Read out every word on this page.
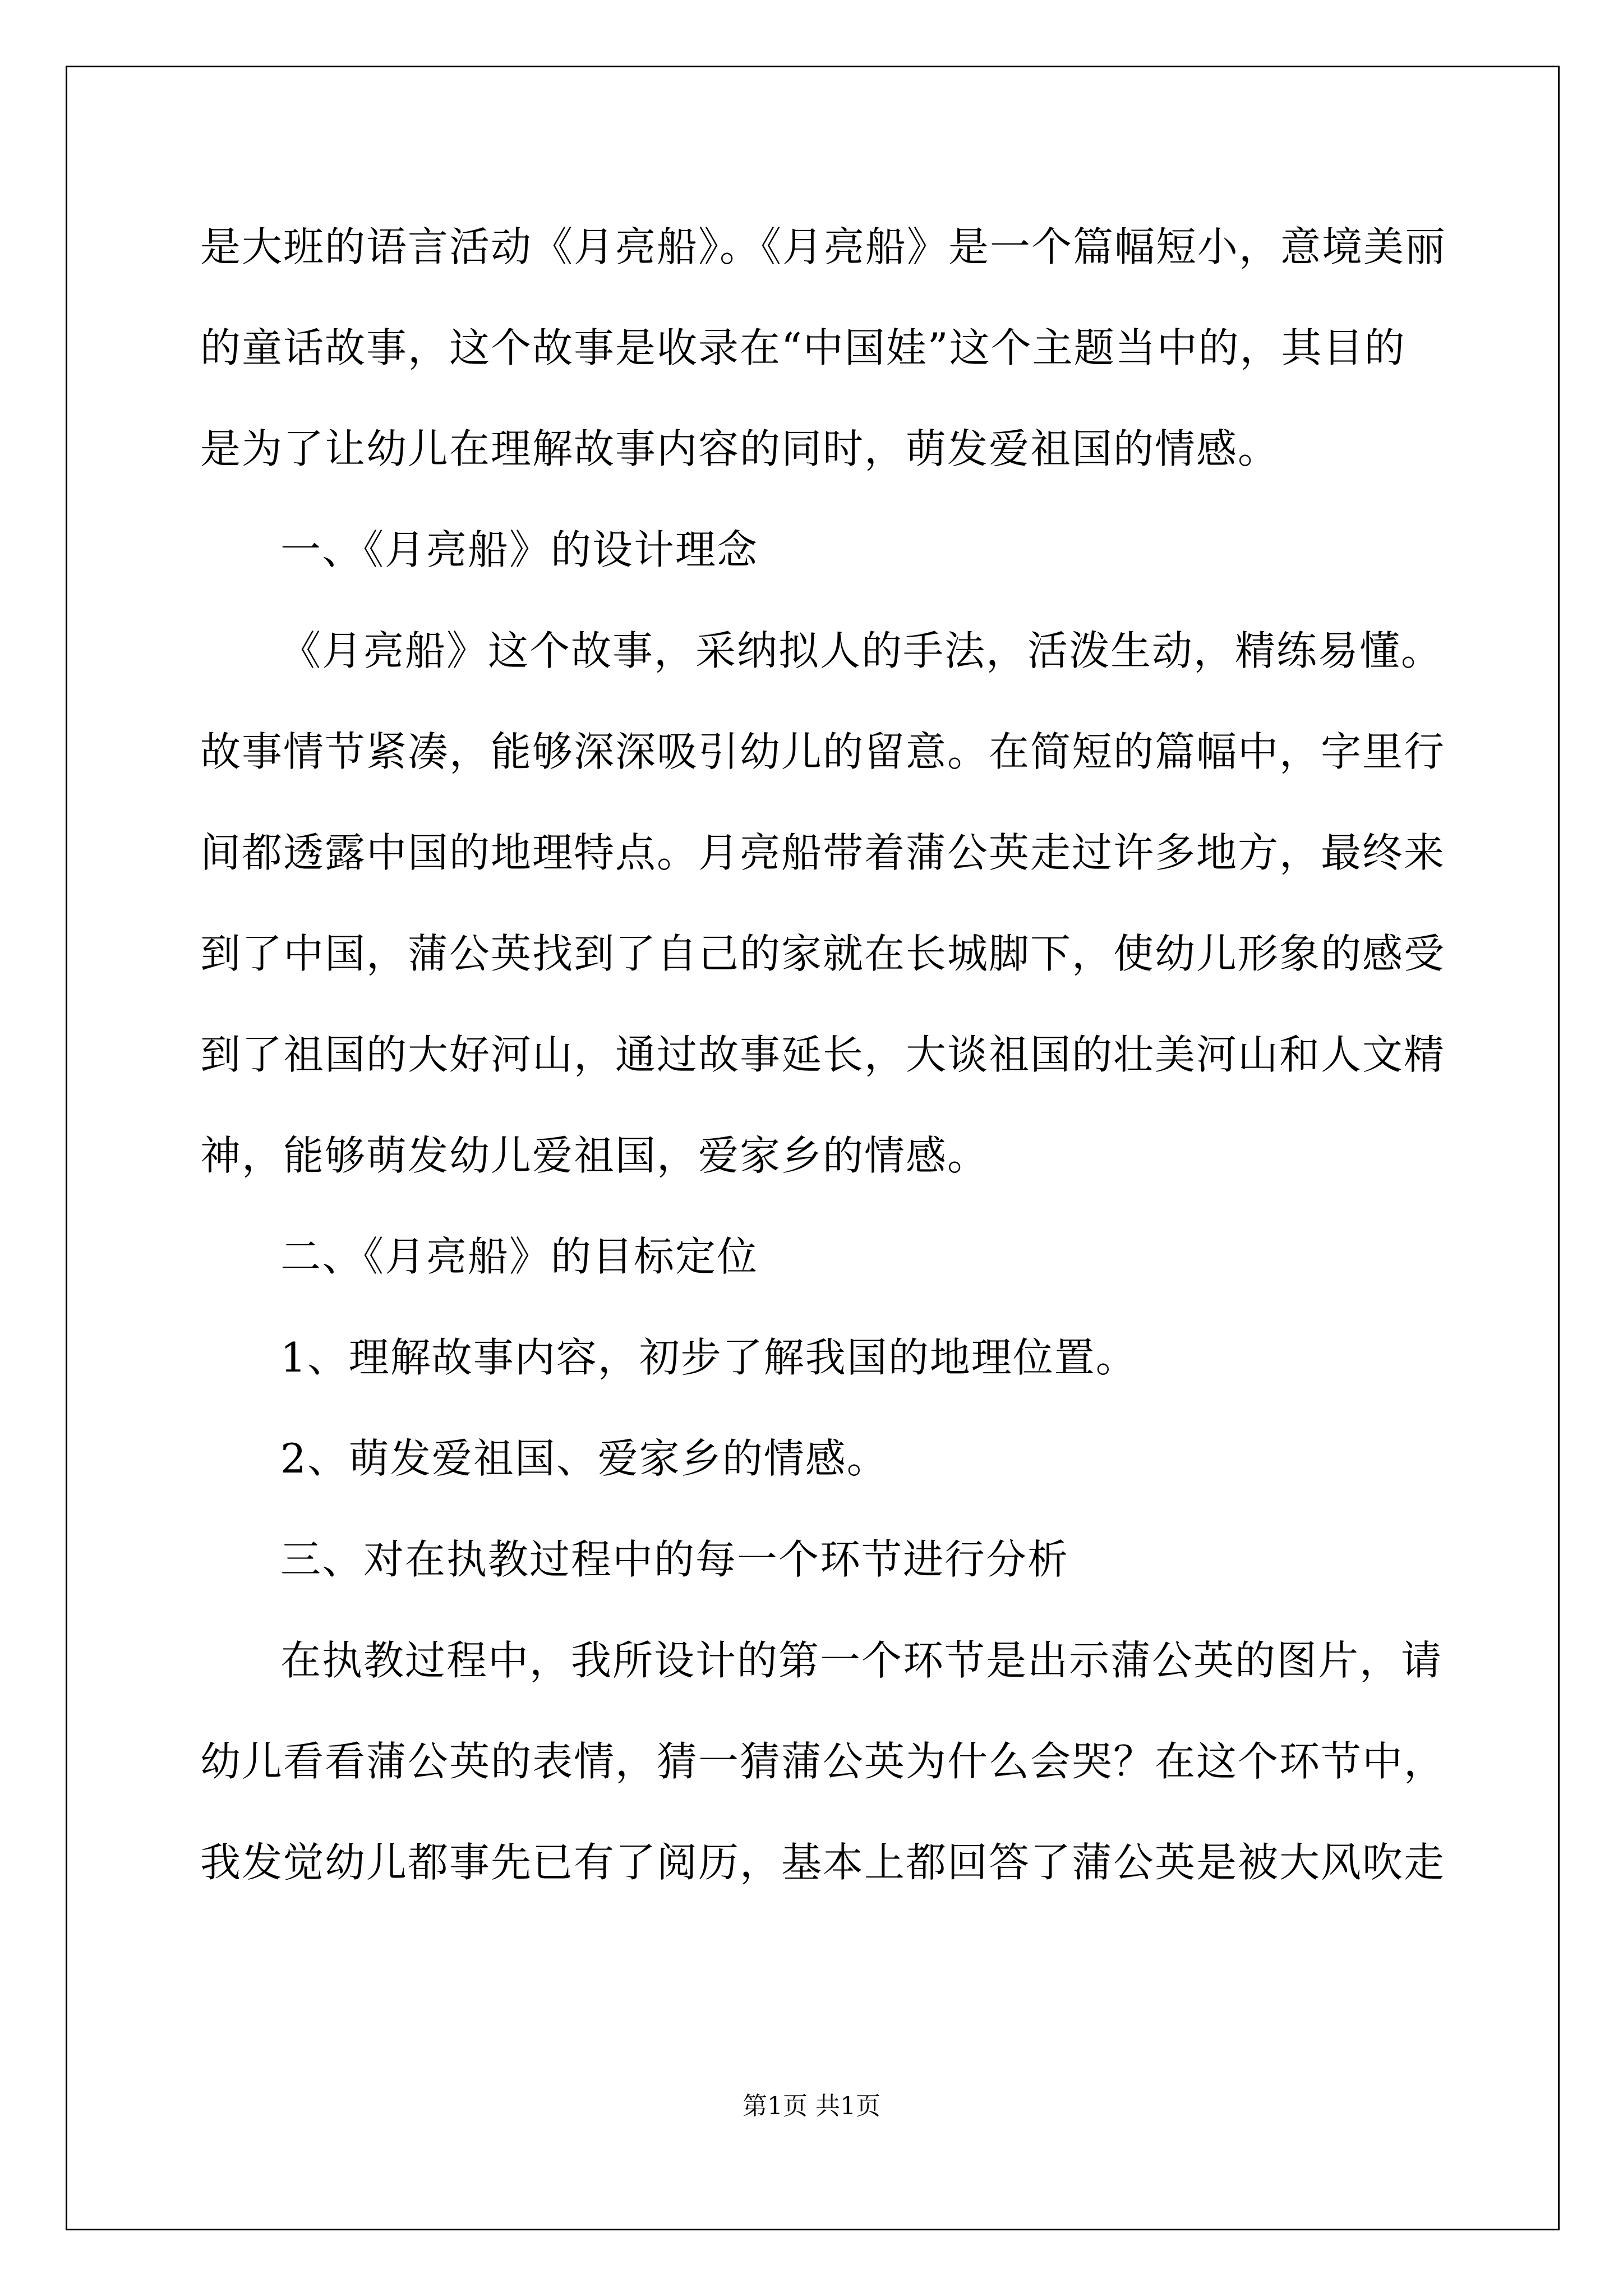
是大班的语言活动《月亮船》。《月亮船》是一个篇幅短小，意境美丽
的童话故事，这个故事是收录在“中国娃”这个主题当中的，其目的
是为了让幼儿在理解故事内容的同时，萌发爱祖国的情感。
一、《月亮船》的设计理念
《月亮船》这个故事，采纳拟人的手法，活泼生动，精练易懂。
故事情节紧凑，能够深深吸引幼儿的留意。在简短的篇幅中，字里行
间都透露中国的地理特点。月亮船带着蒲公英走过许多地方，最终来
到了中国，蒲公英找到了自己的家就在长城脚下，使幼儿形象的感受
到了祖国的大好河山，通过故事延长，大谈祖国的壮美河山和人文精
神，能够萌发幼儿爱祖国，爱家乡的情感。
二、《月亮船》的目标定位
1、理解故事内容，初步了解我国的地理位置。
2、萌发爱祖国、爱家乡的情感。
三、对在执教过程中的每一个环节进行分析
在执教过程中，我所设计的第一个环节是出示蒲公英的图片，请
幼儿看看蒲公英的表情，猜一猜蒲公英为什么会哭？在这个环节中，
我发觉幼儿都事先已有了阅历，基本上都回答了蒲公英是被大风吹走
第1页 共1页
